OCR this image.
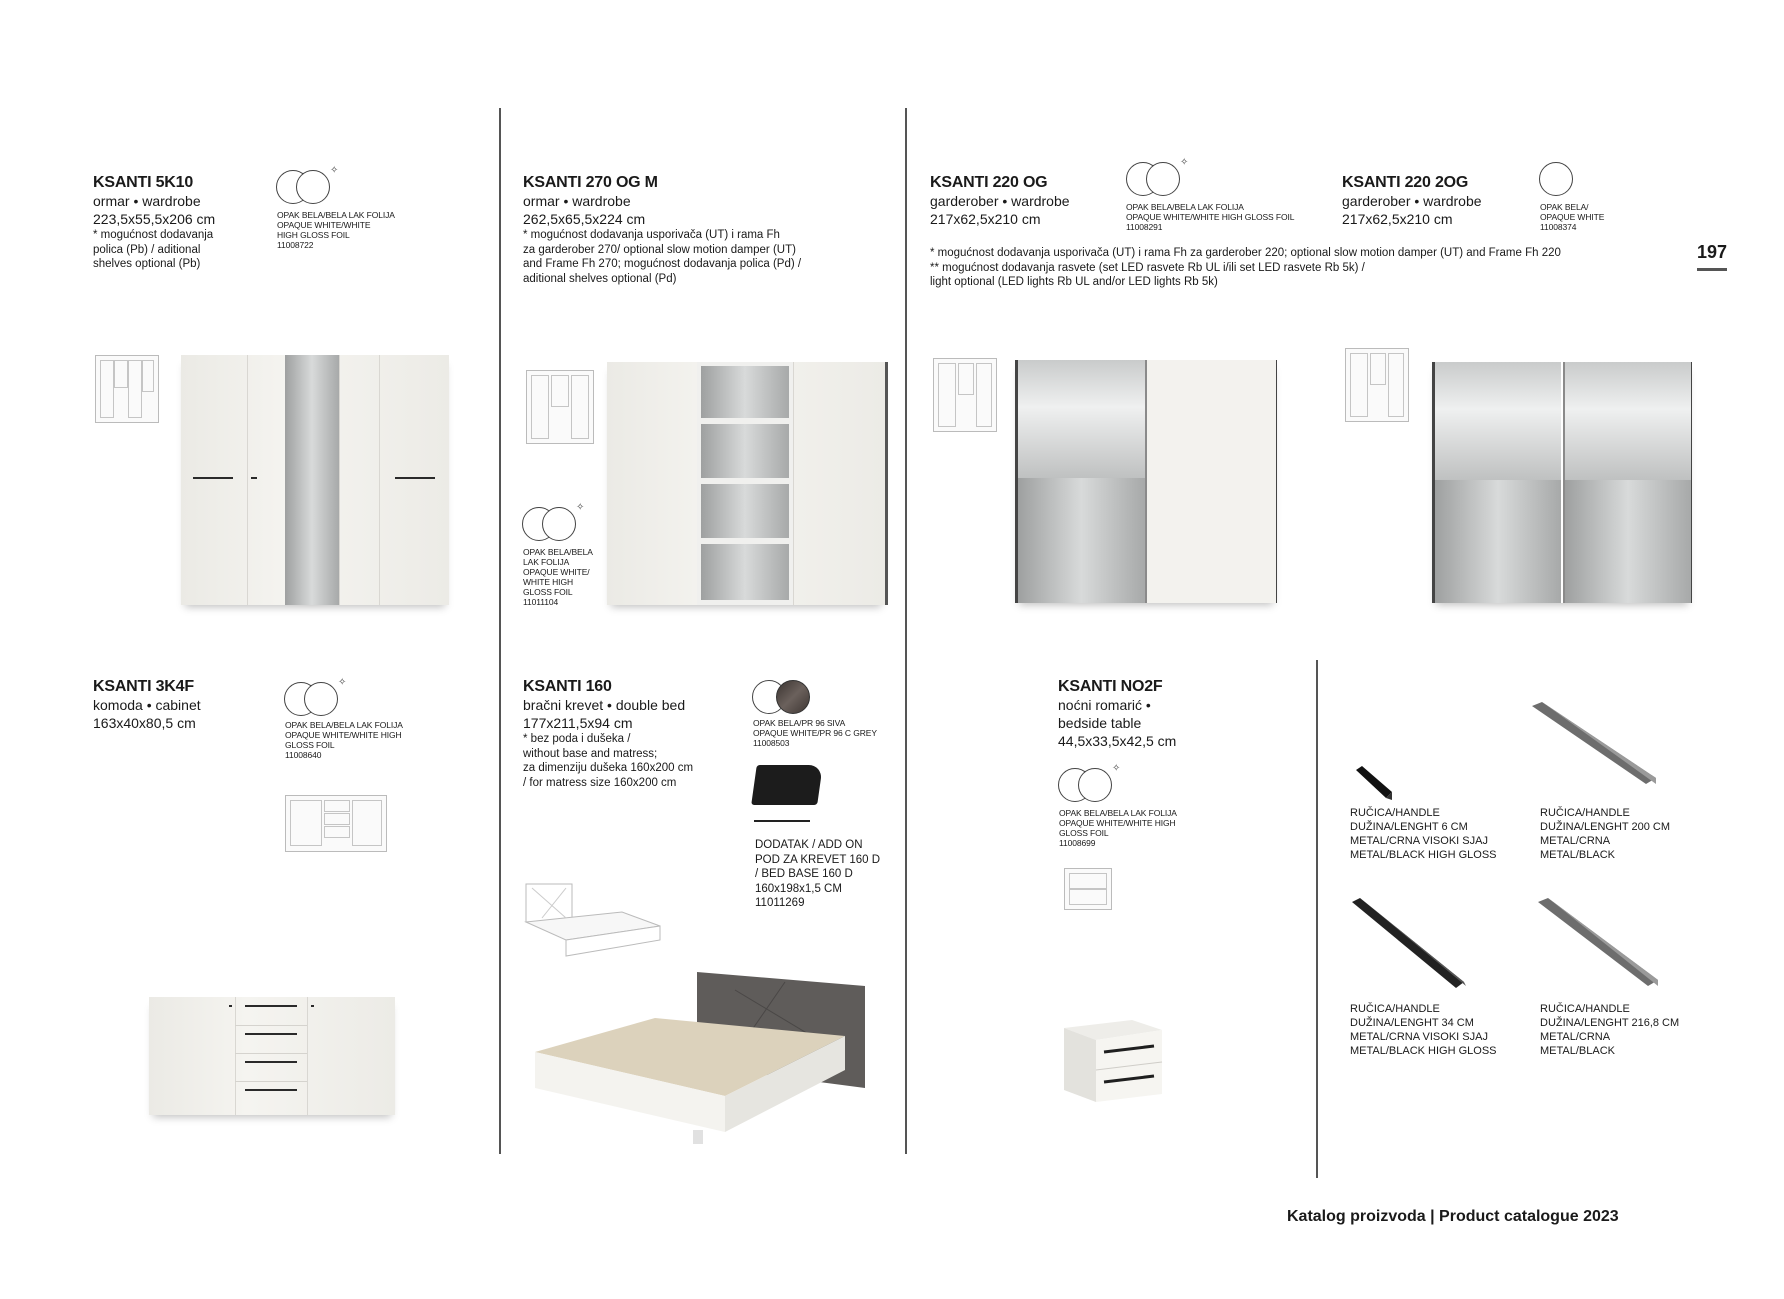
197
KSANTI 5K10
ormar • wardrobe
223,5x55,5x206 cm
* mogućnost dodavanja
polica (Pb) / aditional
shelves optional (Pb)
✧
OPAK BELA/BELA LAK FOLIJA
OPAQUE WHITE/WHITE
HIGH GLOSS FOIL
11008722
KSANTI 270 OG M
ormar • wardrobe
262,5x65,5x224 cm
* mogućnost dodavanja usporivača (UT) i rama Fh
za garderober 270/ optional slow motion damper (UT)
and Frame Fh 270; mogućnost dodavanja polica (Pd) /
aditional shelves optional (Pd)
✧
OPAK BELA/BELA
LAK FOLIJA
OPAQUE WHITE/
WHITE HIGH
GLOSS FOIL
11011104
KSANTI 220 OG
garderober • wardrobe
217x62,5x210 cm
✧
OPAK BELA/BELA LAK FOLIJA
OPAQUE WHITE/WHITE HIGH GLOSS FOIL
11008291
KSANTI 220 2OG
garderober • wardrobe
217x62,5x210 cm
OPAK BELA/
OPAQUE WHITE
11008374
* mogućnost dodavanja usporivača (UT) i rama Fh za garderober 220; optional slow motion damper (UT) and Frame Fh 220
** mogućnost dodavanja rasvete (set LED rasvete Rb UL i/ili set LED rasvete Rb 5k) /
light optional (LED lights Rb UL and/or LED lights Rb 5k)
KSANTI 3K4F
komoda • cabinet
163x40x80,5 cm
✧
OPAK BELA/BELA LAK FOLIJA
OPAQUE WHITE/WHITE HIGH
GLOSS FOIL
11008640
KSANTI 160
bračni krevet • double bed
177x211,5x94 cm
* bez poda i dušeka /
without base and matress;
za dimenziju dušeka 160x200 cm
/ for matress size 160x200 cm
OPAK BELA/PR 96 SIVA
OPAQUE WHITE/PR 96 C GREY
11008503
DODATAK / ADD ON
POD ZA KREVET 160 D
/ BED BASE 160 D
160x198x1,5 CM
11011269
KSANTI NO2F
noćni romarić •
bedside table
44,5x33,5x42,5 cm
✧
OPAK BELA/BELA LAK FOLIJA
OPAQUE WHITE/WHITE HIGH
GLOSS FOIL
11008699
RUČICA/HANDLE
DUŽINA/LENGHT 6 CM
METAL/CRNA VISOKI SJAJ
METAL/BLACK HIGH GLOSS
RUČICA/HANDLE
DUŽINA/LENGHT 200 CM
METAL/CRNA
METAL/BLACK
RUČICA/HANDLE
DUŽINA/LENGHT 34 CM
METAL/CRNA VISOKI SJAJ
METAL/BLACK HIGH GLOSS
RUČICA/HANDLE
DUŽINA/LENGHT 216,8 CM
METAL/CRNA
METAL/BLACK
Katalog proizvoda | Product catalogue 2023
